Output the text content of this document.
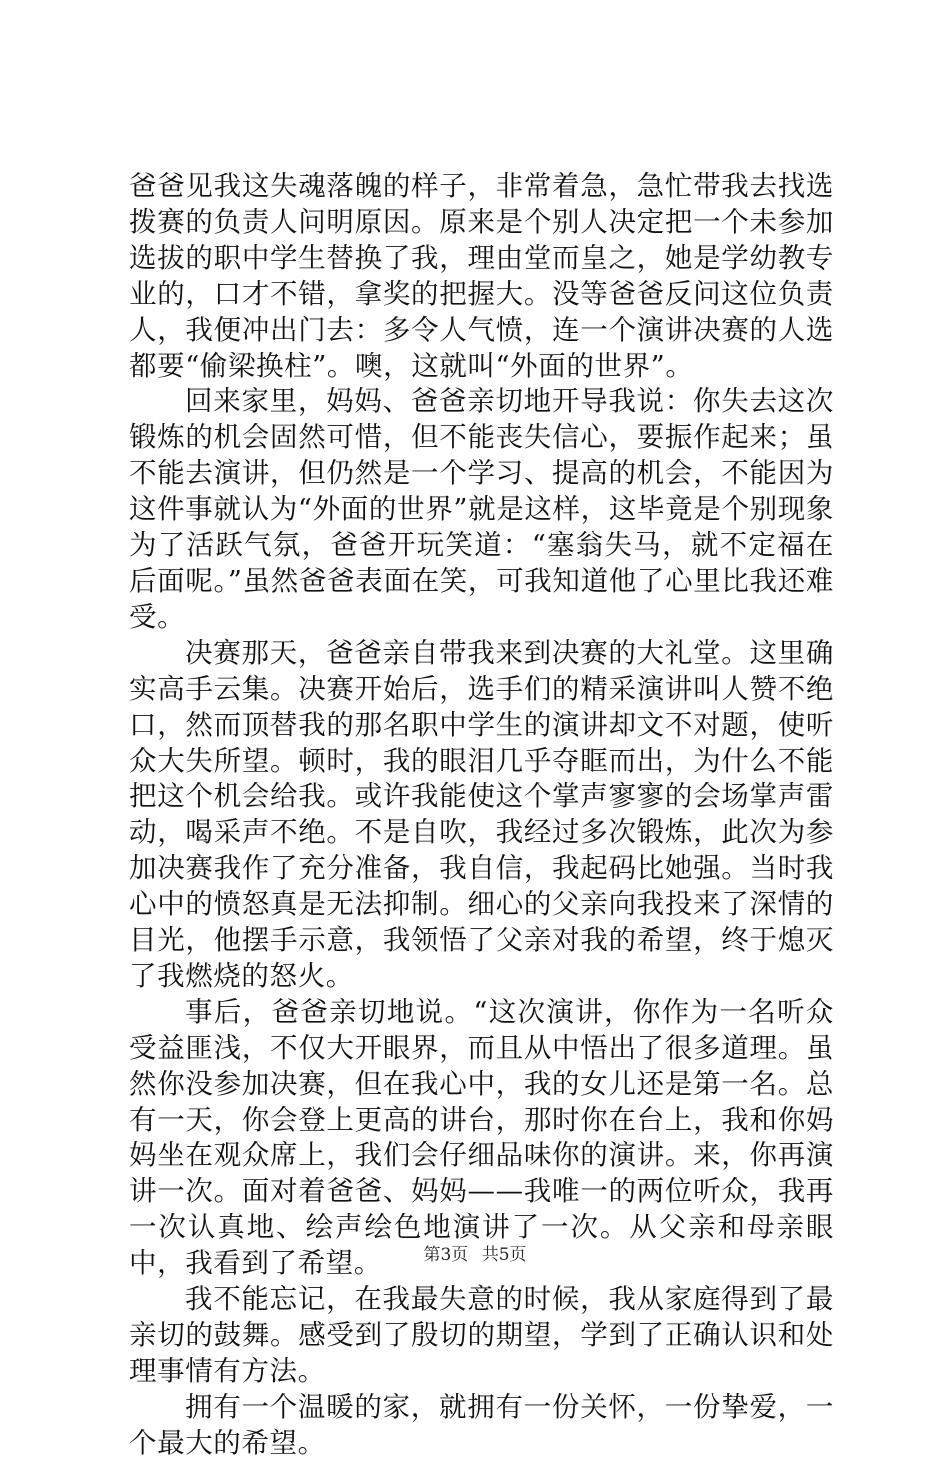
爸爸见我这失魂落魄的样子，非常着急，急忙带我去找选拨赛的负责人问明原因。原来是个别人决定把一个未参加选拔的职中学生替换了我，理由堂而皇之，她是学幼教专业的，口才不错，拿奖的把握大。没等爸爸反问这位负责人，我便冲出门去：多令人气愤，连一个演讲决赛的人选都要“偷梁换柱”。噢，这就叫“外面的世界”。

回来家里，妈妈、爸爸亲切地开导我说：你失去这次锻炼的机会固然可惜，但不能丧失信心，要振作起来；虽不能去演讲，但仍然是一个学习、提高的机会，不能因为这件事就认为“外面的世界”就是这样，这毕竟是个别现象为了活跃气氛，爸爸开玩笑道：“塞翁失马，就不定福在后面呢。”虽然爸爸表面在笑，可我知道他了心里比我还难受。

决赛那天，爸爸亲自带我来到决赛的大礼堂。这里确实高手云集。决赛开始后，选手们的精采演讲叫人赞不绝口，然而顶替我的那名职中学生的演讲却文不对题，使听众大失所望。顿时，我的眼泪几乎夺眶而出，为什么不能把这个机会给我。或许我能使这个掌声寥寥的会场掌声雷动，喝采声不绝。不是自吹，我经过多次锻炼，此次为参加决赛我作了充分准备，我自信，我起码比她强。当时我心中的愤怒真是无法抑制。细心的父亲向我投来了深情的目光，他摆手示意，我领悟了父亲对我的希望，终于熄灭了我燃烧的怒火。

事后，爸爸亲切地说。“这次演讲，你作为一名听众受益匪浅，不仅大开眼界，而且从中悟出了很多道理。虽然你没参加决赛，但在我心中，我的女儿还是第一名。总有一天，你会登上更高的讲台，那时你在台上，我和你妈妈坐在观众席上，我们会仔细品味你的演讲。来，你再演讲一次。面对着爸爸、妈妈——我唯一的两位听众，我再一次认真地、绘声绘色地演讲了一次。从父亲和母亲眼中，我看到了希望。

我不能忘记，在我最失意的时候，我从家庭得到了最亲切的鼓舞。感受到了殷切的期望，学到了正确认识和处理事情有方法。

拥有一个温暖的家，就拥有一份关怀，一份挚爱，一个最大的希望。

第3页 共5页
